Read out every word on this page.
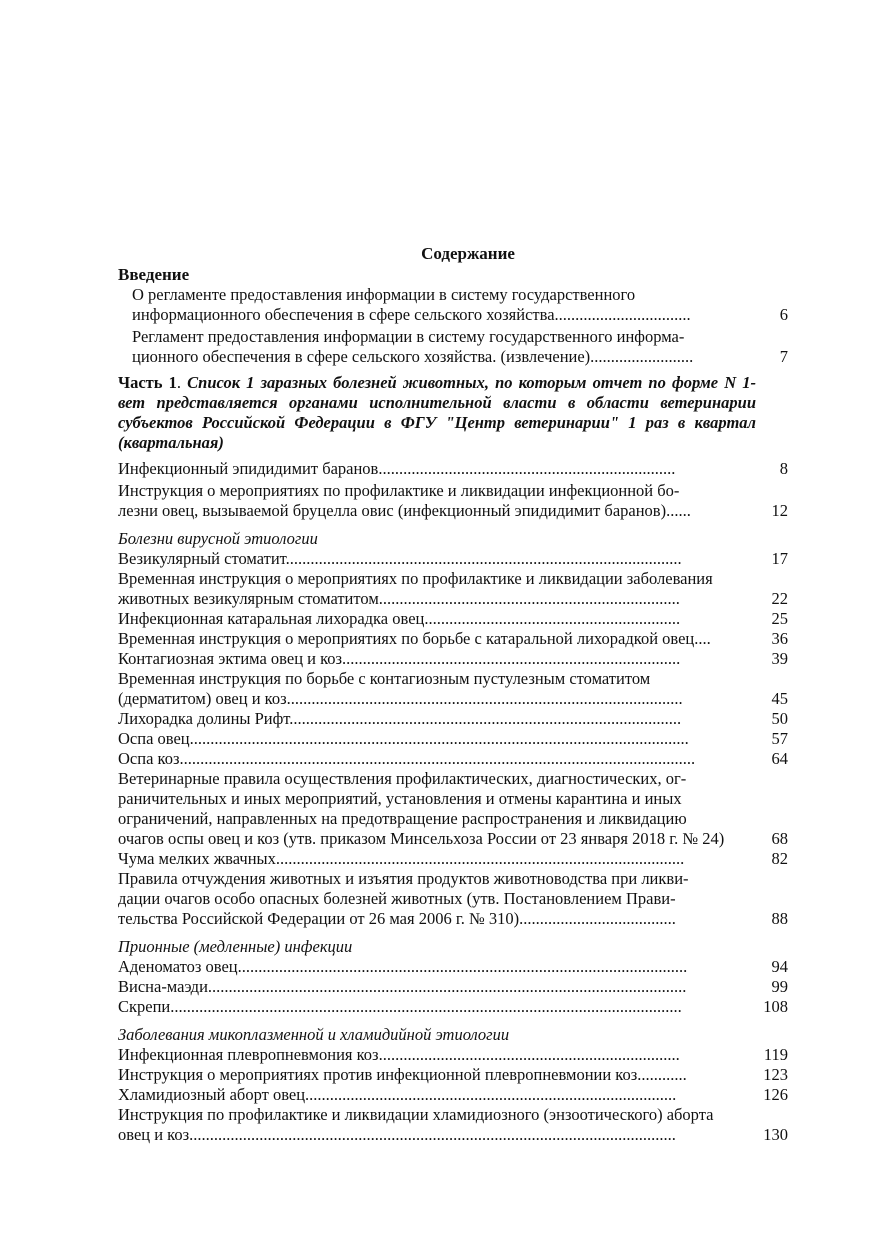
Содержание
Введение
О регламенте предоставления информации в систему государственного
информационного обеспечения в сфере сельского хозяйства.................................	6
Регламент предоставления информации в систему государственного информа-
ционного обеспечения в сфере сельского хозяйства. (извлечение).........................	7
Часть 1. Список 1 заразных болезней животных, по которым отчет по форме N 1-вет представляется органами исполнительной власти в области ветеринарии субъектов Российской Федерации в ФГУ "Центр ветеринарии" 1 раз в квартал (квартальная)
Инфекционный эпидидимит баранов........................................................................	8
Инструкция о мероприятиях по профилактике и ликвидации инфекционной бо-
лезни овец, вызываемой бруцелла овис (инфекционный эпидидимит баранов)......	12
Болезни вирусной этиологии
Везикулярный стоматит................................................................................................	17
Временная инструкция о мероприятиях по профилактике и ликвидации заболевания
животных везикулярным стоматитом.........................................................................	22
Инфекционная катаральная лихорадка овец..............................................................	25
Временная инструкция о мероприятиях по борьбе с катаральной лихорадкой овец....	36
Контагиозная эктима овец и коз..................................................................................	39
Временная инструкция по борьбе с контагиозным пустулезным стоматитом
(дерматитом) овец и коз................................................................................................	45
Лихорадка долины Рифт...............................................................................................	50
Оспа овец.........................................................................................................................	57
Оспа коз.............................................................................................................................	64
Ветеринарные правила осуществления профилактических, диагностических, ог-
раничительных и иных мероприятий, установления и отмены карантина и иных
ограничений, направленных на предотвращение распространения и ликвидацию
очагов оспы овец и коз (утв. приказом Минсельхоза России от 23 января 2018 г. № 24)	68
Чума мелких жвачных...................................................................................................	82
Правила отчуждения животных и изъятия продуктов животноводства при ликви-
дации очагов особо опасных болезней животных (утв. Постановлением Прави-
тельства Российской Федерации от 26 мая 2006 г. № 310)......................................	88
Прионные (медленные) инфекции
Аденоматоз овец.............................................................................................................	94
Висна-маэди....................................................................................................................	99
Скрепи............................................................................................................................	108
Заболевания микоплазменной и хламидийной этиологии
Инфекционная плевропневмония коз.........................................................................	119
Инструкция о мероприятиях против инфекционной плевропневмонии коз............	123
Хламидиозный аборт овец..........................................................................................	126
Инструкция по профилактике и ликвидации хламидиозного (энзоотического) аборта
овец и коз......................................................................................................................	130
